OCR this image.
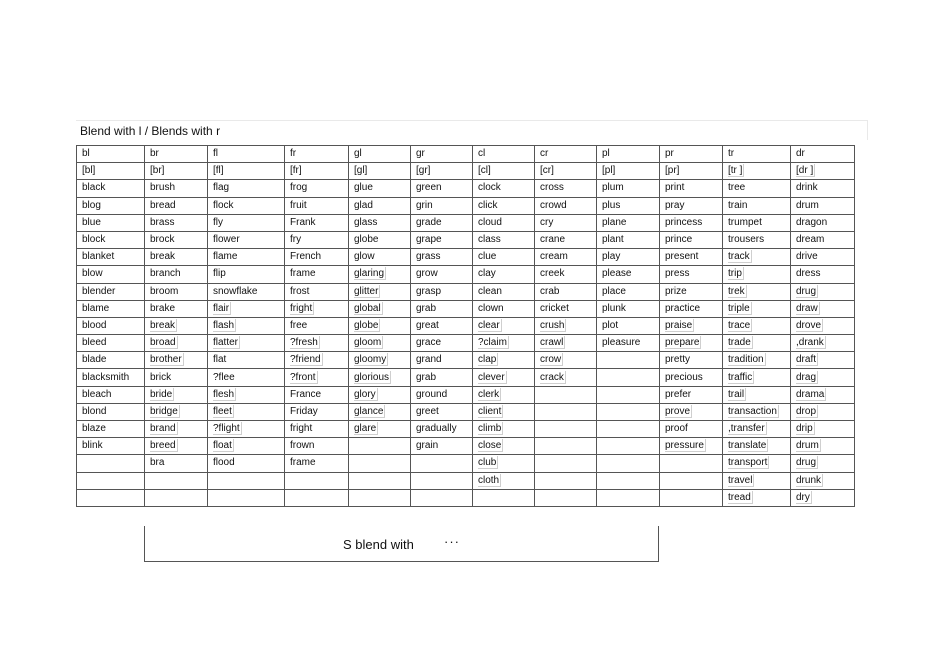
Blend with l / Blends with r
bl	br	fl	fr	gl	gr	cl	cr	pl	pr	tr	dr
[bl]	[br]	[fl]	[fr]	[gl]	[gr]	[cl]	[cr]	[pl]	[pr]	[tr ]	[dr ]
black	brush	flag	frog	glue	green	clock	cross	plum	print	tree	drink
blog	bread	flock	fruit	glad	grin	click	crowd	plus	pray	train	drum
blue	brass	fly	Frank	glass	grade	cloud	cry	plane	princess	trumpet	dragon
block	brock	flower	fry	globe	grape	class	crane	plant	prince	trousers	dream
blanket	break	flame	French	glow	grass	clue	cream	play	present	track	drive
blow	branch	flip	frame	glaring	grow	clay	creek	please	press	trip	dress
blender	broom	snowflake	frost	glitter	grasp	clean	crab	place	prize	trek	drug
blame	brake	flair	fright	global	grab	clown	cricket	plunk	practice	triple	draw
blood	break	flash	free	globe	great	clear	crush	plot	praise	trace	drove
bleed	broad	flatter	?fresh	gloom	grace	?claim	crawl	pleasure	prepare	trade	,drank
blade	brother	flat	?friend	gloomy	grand	clap	crow		pretty	tradition	draft
blacksmith	brick	?flee	?front	glorious	grab	clever	crack		precious	traffic	drag
bleach	bride	flesh	France	glory	ground	clerk			prefer	trail	drama
blond	bridge	fleet	Friday	glance	greet	client			prove	transaction	drop
blaze	brand	?flight	fright	glare	gradually	climb			proof	,transfer	drip
blink	breed	float	frown		grain	close			pressure	translate	drum
	bra	flood	frame			club				transport	drug
						cloth				travel	drunk
										tread	dry
S blend with ···
